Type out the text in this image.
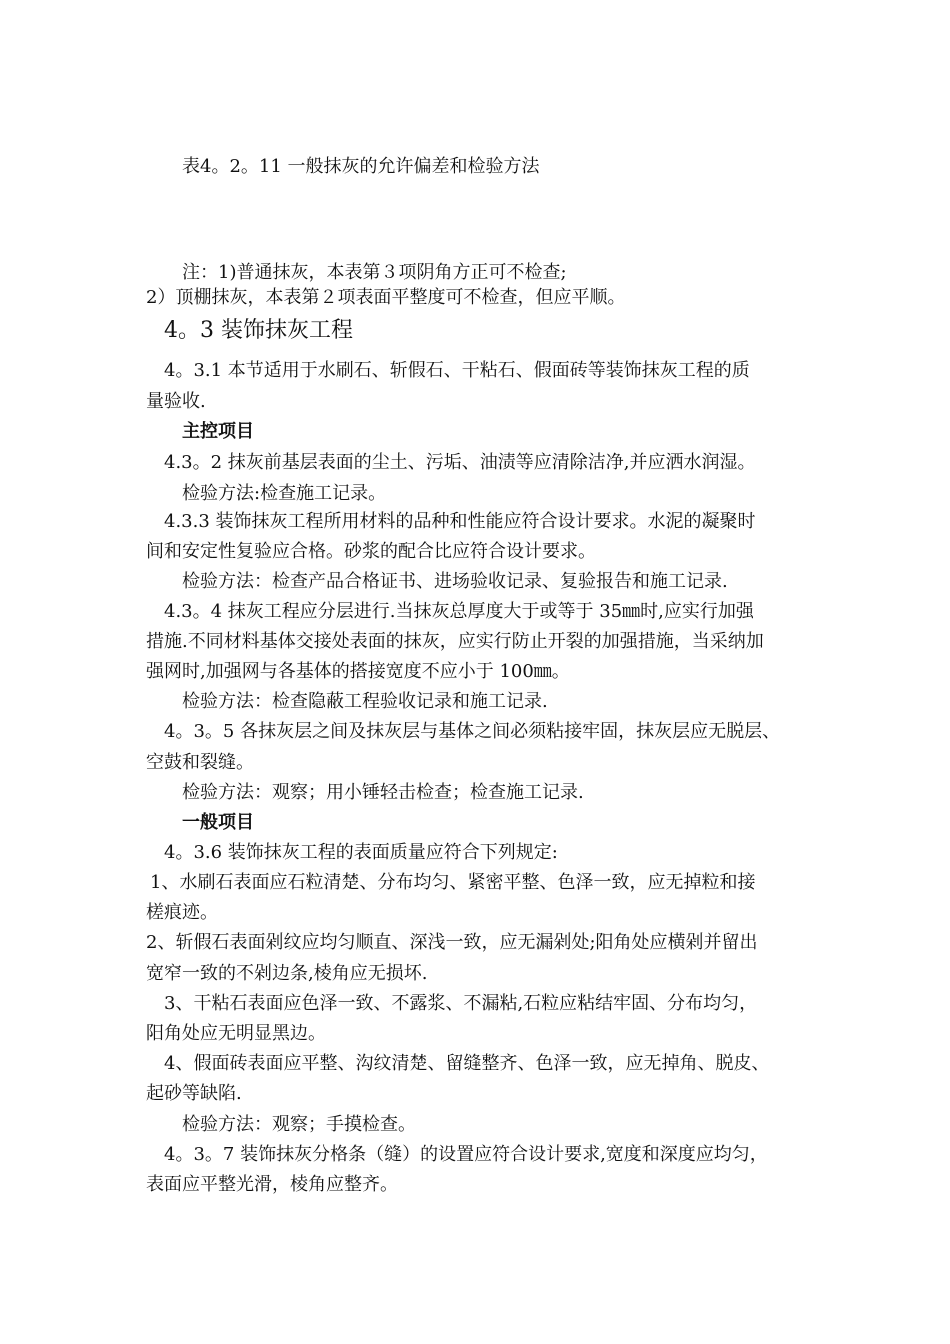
表4。2。11 一般抹灰的允许偏差和检验方法
注：1)普通抹灰，本表第３项阴角方正可不检查;
2）顶棚抹灰，本表第２项表面平整度可不检查，但应平顺。
4。3 装饰抹灰工程
4。3.1 本节适用于水刷石、斩假石、干粘石、假面砖等装饰抹灰工程的质
量验收.
主控项目
4.3。2 抹灰前基层表面的尘土、污垢、油渍等应清除洁净,并应洒水润湿。
检验方法:检查施工记录。
4.3.3 装饰抹灰工程所用材料的品种和性能应符合设计要求。水泥的凝聚时
间和安定性复验应合格。砂浆的配合比应符合设计要求。
检验方法：检查产品合格证书、进场验收记录、复验报告和施工记录.
4.3。4 抹灰工程应分层进行.当抹灰总厚度大于或等于 35㎜时,应实行加强
措施.不同材料基体交接处表面的抹灰，应实行防止开裂的加强措施，当采纳加
强网时,加强网与各基体的搭接宽度不应小于 100㎜。
检验方法：检查隐蔽工程验收记录和施工记录.
4。3。5 各抹灰层之间及抹灰层与基体之间必须粘接牢固，抹灰层应无脱层、
空鼓和裂缝。
检验方法：观察；用小锤轻击检查；检查施工记录.
一般项目
4。3.6 装饰抹灰工程的表面质量应符合下列规定:
1、水刷石表面应石粒清楚、分布均匀、紧密平整、色泽一致，应无掉粒和接
槎痕迹。
2、斩假石表面剁纹应均匀顺直、深浅一致，应无漏剁处;阳角处应横剁并留出
宽窄一致的不剁边条,棱角应无损坏.
3、干粘石表面应色泽一致、不露浆、不漏粘,石粒应粘结牢固、分布均匀，
阳角处应无明显黑边。
4、假面砖表面应平整、沟纹清楚、留缝整齐、色泽一致，应无掉角、脱皮、
起砂等缺陷.
检验方法：观察；手摸检查。
4。3。7 装饰抹灰分格条（缝）的设置应符合设计要求,宽度和深度应均匀，
表面应平整光滑，棱角应整齐。
